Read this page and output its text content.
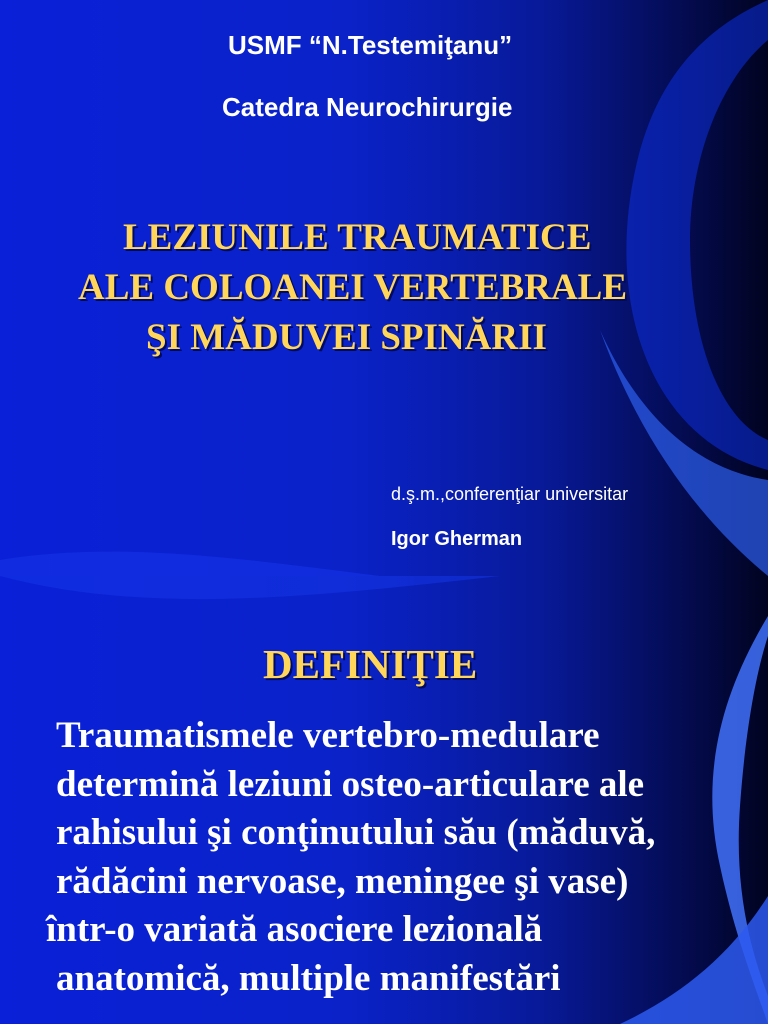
USMF “N.Testemiţanu”

Catedra Neurochirurgie

LEZIUNILE TRAUMATICE

ALE COLOANEI VERTEBRALE

ŞI MĂDUVEI SPINĂRII

d.ş.m.,conferenţiar universitar

Igor Gherman

DEFINIŢIE

Traumatismele vertebro-medulare
determină leziuni osteo-articulare ale
rahisului şi conţinutului său (măduvă,
rădăcini nervoase, meningee şi vase)
într-o variată asociere lezională
anatomică, multiple manifestări
